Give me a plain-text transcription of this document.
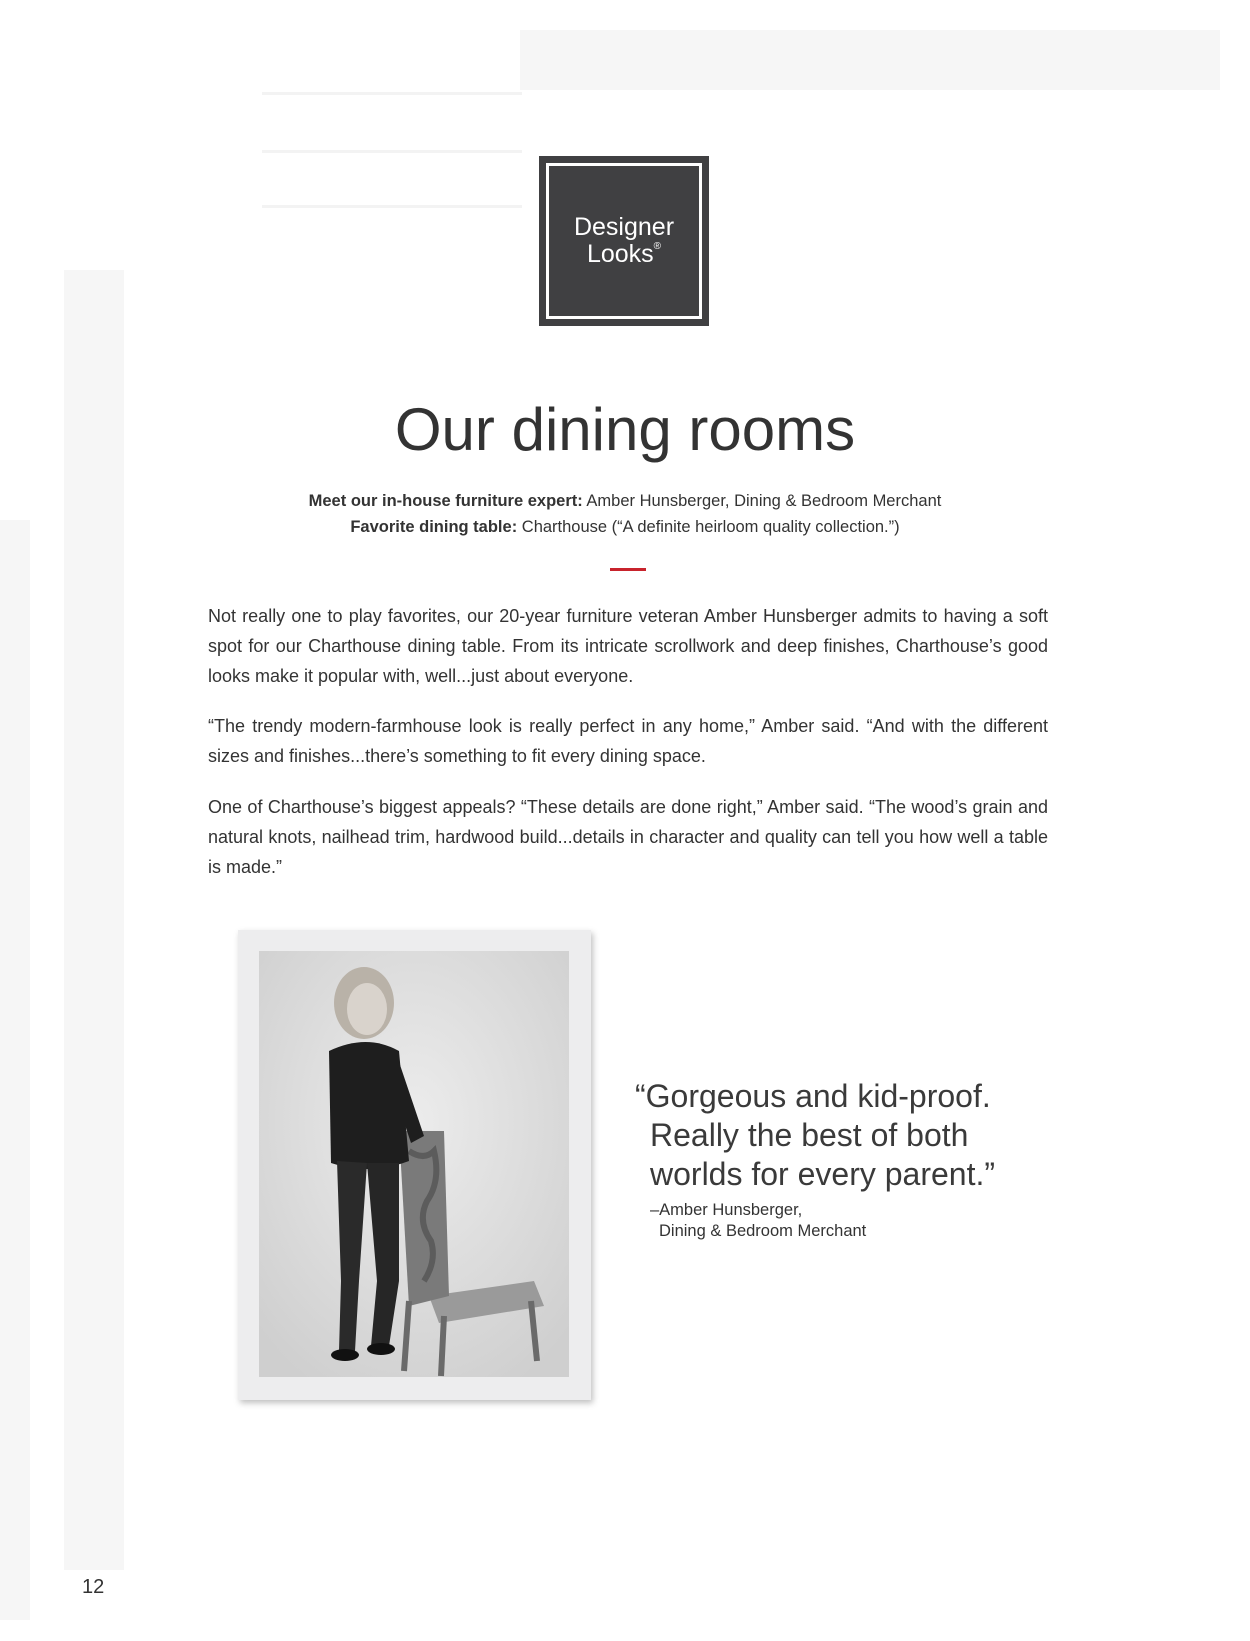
Designer
Looks®
Our dining rooms
Meet our in-house furniture expert: Amber Hunsberger, Dining & Bedroom Merchant
Favorite dining table: Charthouse (“A definite heirloom quality collection.”)

Not really one to play favorites, our 20-year furniture veteran Amber Hunsberger admits to having a soft spot for our Charthouse dining table. From its intricate scrollwork and deep finishes, Charthouse’s good looks make it popular with, well...just about everyone.

“The trendy modern-farmhouse look is really perfect in any home,” Amber said. “And with the different sizes and finishes...there’s something to fit every dining space.

One of Charthouse’s biggest appeals? “These details are done right,” Amber said. “The wood’s grain and natural knots, nailhead trim, hardwood build...details in character and quality can tell you how well a table is made.”

“Gorgeous and kid-proof.
Really the best of both
worlds for every parent.”
–Amber Hunsberger,
Dining & Bedroom Merchant
12
